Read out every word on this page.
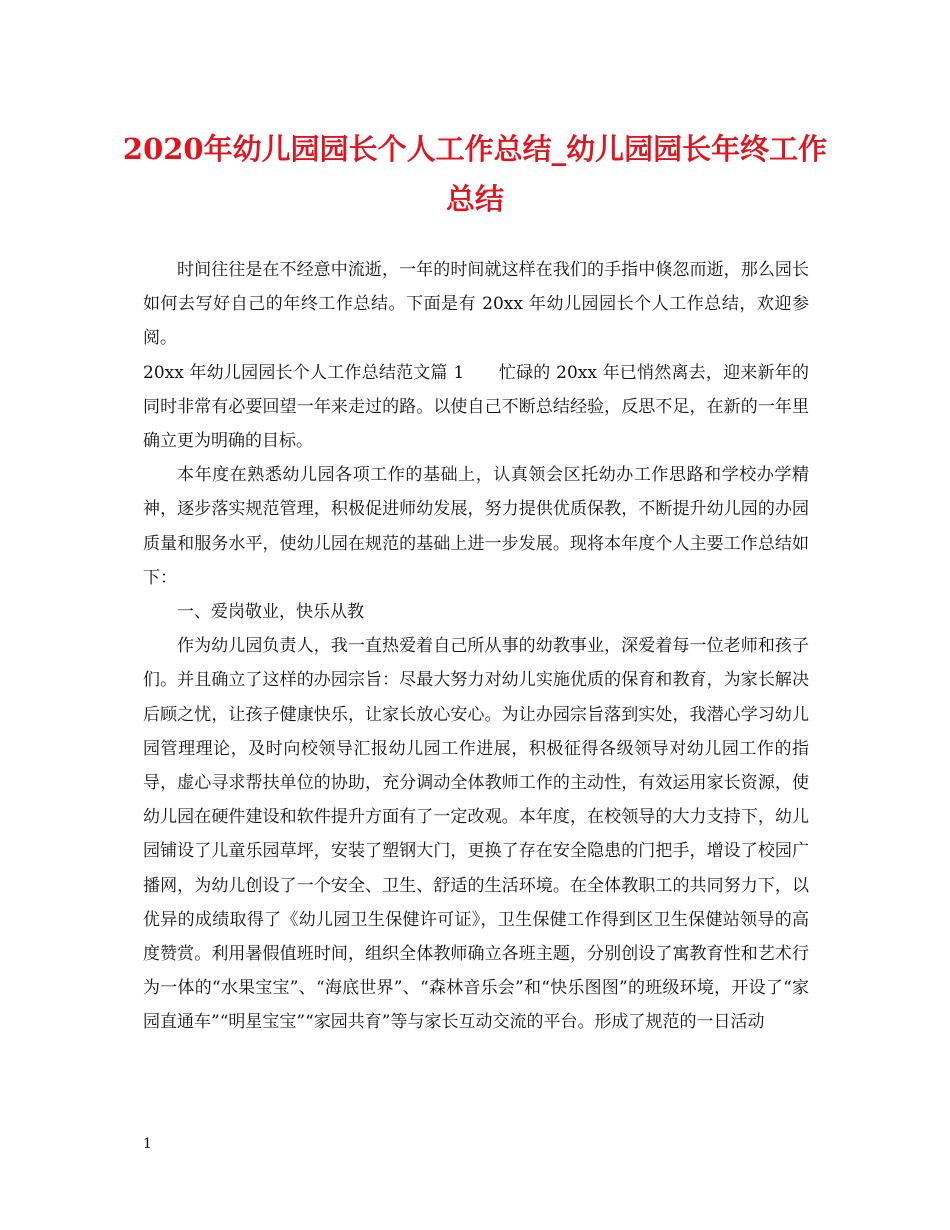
2020年幼儿园园长个人工作总结_幼儿园园长年终工作
总结

时间往往是在不经意中流逝，一年的时间就这样在我们的手指中倏忽而逝，那么园长如何去写好自己的年终工作总结。下面是有 20xx 年幼儿园园长个人工作总结，欢迎参阅。

20xx 年幼儿园园长个人工作总结范文篇 1　　忙碌的 20xx 年已悄然离去，迎来新年的同时非常有必要回望一年来走过的路。以使自己不断总结经验，反思不足，在新的一年里确立更为明确的目标。

本年度在熟悉幼儿园各项工作的基础上，认真领会区托幼办工作思路和学校办学精神，逐步落实规范管理，积极促进师幼发展，努力提供优质保教，不断提升幼儿园的办园质量和服务水平，使幼儿园在规范的基础上进一步发展。现将本年度个人主要工作总结如下：

一、爱岗敬业，快乐从教

作为幼儿园负责人，我一直热爱着自己所从事的幼教事业，深爱着每一位老师和孩子们。并且确立了这样的办园宗旨：尽最大努力对幼儿实施优质的保育和教育，为家长解决后顾之忧，让孩子健康快乐，让家长放心安心。为让办园宗旨落到实处，我潜心学习幼儿园管理理论，及时向校领导汇报幼儿园工作进展，积极征得各级领导对幼儿园工作的指导，虚心寻求帮扶单位的协助，充分调动全体教师工作的主动性，有效运用家长资源，使幼儿园在硬件建设和软件提升方面有了一定改观。本年度，在校领导的大力支持下，幼儿园铺设了儿童乐园草坪，安装了塑钢大门，更换了存在安全隐患的门把手，增设了校园广播网，为幼儿创设了一个安全、卫生、舒适的生活环境。在全体教职工的共同努力下，以优异的成绩取得了《幼儿园卫生保健许可证》，卫生保健工作得到区卫生保健站领导的高度赞赏。利用暑假值班时间，组织全体教师确立各班主题，分别创设了寓教育性和艺术行为一体的“水果宝宝”、“海底世界”、“森林音乐会”和“快乐图图”的班级环境，开设了“家园直通车”“明星宝宝”“家园共育”等与家长互动交流的平台。形成了规范的一日活动

1
